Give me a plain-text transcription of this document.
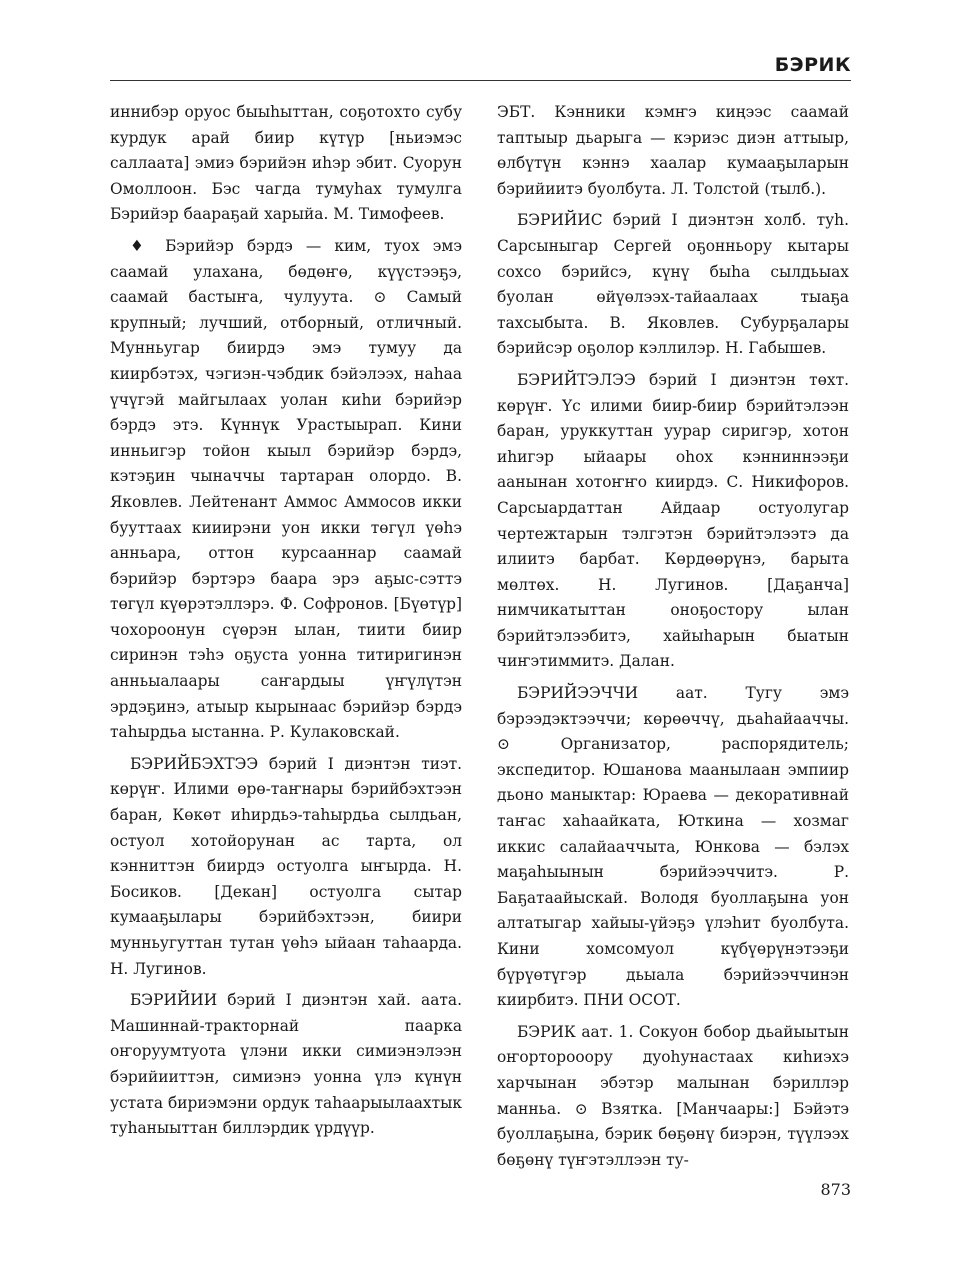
БЭРИК

иннибэр оруос быыһыттан, соҕотохто субу курдук арай биир күтүр [ньиэмэс саллаата] эмиэ бэрийэн иһэр эбит. Суорун Омоллоон. Бэс чагда тумуһах тумулга Бэрийэр баараҕай харыйа. М. Тимофеев.

♦ Бэрийэр бэрдэ — ким, туох эмэ саамай улахана, бөдөҥө, күүстээҕэ, саамай бастыҥа, чулуута. ⊙ Самый крупный; лучший, отборный, отличный. Мунньугар биирдэ эмэ тумуу да киирбэтэх, чэгиэн-чэбдик бэйэлээх, наһаа үчүгэй майгылаах уолан киһи бэрийэр бэрдэ этэ. Күннүк Урастыырап. Кини инньигэр тойон кыыл бэрийэр бэрдэ, кэтэҕин чыначчы тартаран олордо. В. Яковлев. Лейтенант Аммос Аммосов икки бууттаах кииирэни уон икки төгүл үөһэ анньара, оттон курсааннар саамай бэрийэр бэртэрэ баара эрэ аҕыс-сэттэ төгүл күөрэтэллэрэ. Ф. Софронов. [Бүөтүр] чохороонун сүөрэн ылан, тиити биир сиринэн тэһэ оҕуста уонна титиригинэн анньыалаары саҥардыы үҥүлүтэн эрдэҕинэ, атыыр кырынаас бэрийэр бэрдэ таһырдьа ыстанна. Р. Кулаковскай.

БЭРИЙБЭХТЭЭ бэрий I диэнтэн тиэт. көрүҥ. Илими өрө-таҥнары бэрийбэхтээн баран, Көкөт иһирдьэ-таһырдьа сылдьан, остуол хотойорунан ас тарта, ол кэнниттэн биирдэ остуолга ыҥырда. Н. Босиков. [Декан] остуолга сытар кумааҕылары бэрийбэхтээн, биири мунньугуттан тутан үөһэ ыйаан таһаарда. Н. Лугинов.

БЭРИЙИИ бэрий I диэнтэн хай. аата. Машиннай-тракторнай паарка оҥоруумтуота үлэни икки симиэнэлээн бэрийииттэн, симиэнэ уонна үлэ күнүн устата бириэмэни ордук таһаарыылаахтык туһаныыттан биллэрдик үрдүүр.

ЭБТ. Кэнники кэмҥэ киңээс саамай таптыыр дьарыга — кэриэс диэн аттыыр, өлбүтүн кэннэ хаалар кумааҕыларын бэрийиитэ буолбута. Л. Толстой (тылб.).

БЭРИЙИС бэрий I диэнтэн холб. туһ. Сарсыныгар Сергей оҕонньору кытары сохсо бэрийсэ, күнү быһа сылдьыах буолан өйүөлээх-тайаалаах тыаҕа тахсыбыта. В. Яковлев. Субурҕалары бэрийсэр оҕолор кэллилэр. Н. Габышев.

БЭРИЙТЭЛЭЭ бэрий I диэнтэн төхт. көрүҥ. Үс илими биир-биир бэрийтэлээн баран, уруккуттан уурар сиригэр, хотон иһигэр ыйаары оһох кэнниннээҕи аанынан хотоҥҥо киирдэ. С. Никифоров. Сарсыардаттан Айдаар остуолугар чертежтарын тэлгэтэн бэрийтэлээтэ да илиитэ барбат. Көрдөөрүнэ, барыта мөлтөх. Н. Лугинов. [Даҕанча] нимчикатыттан оноҕостору ылан бэрийтэлээбитэ, хайыһарын быатын чиҥэтиммитэ. Далан.

БЭРИЙЭЭЧЧИ аат. Тугу эмэ бэрээдэктээччи; көрөөччү, дьаһайааччы. ⊙ Организатор, распорядитель; экспедитор. Юшанова маанылаан эмпиир дьоно маныктар: Юраева — декоративнай таҥас хаһаайката, Юткина — хозмаг иккис салайааччыта, Юнкова — бэлэх маҕаһыынын бэрийээччитэ. Р. Баҕатаайыскай. Володя буоллаҕына уон алтатыгар хайыы-үйэҕэ үлэһит буолбута. Кини хомсомуол күбүөрүнэтээҕи бүрүөтүгэр дьыала бэрийээччинэн киирбитэ. ПНИ ОСОТ.

БЭРИК аат. 1. Сокуон бобор дьайыытын оҥорторооору дуоһунастаах киһиэхэ харчынан эбэтэр малынан бэриллэр манньа. ⊙ Взятка. [Манчаары:] Бэйэтэ буоллаҕына, бэрик бөҕөнү биэрэн, түүлээх бөҕөнү түҥэтэллээн ту-

873
